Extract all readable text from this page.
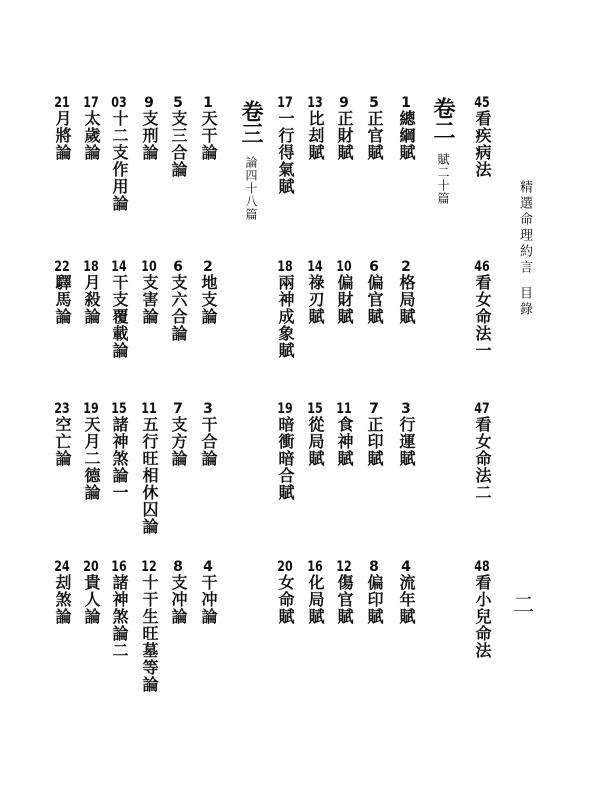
精選命理約言目錄
二
卷二賦二十篇
卷三論四十八篇
45看疾病法
46看女命法一
47看女命法二
48看小兒命法
1總綱賦
2格局賦
3行運賦
4流年賦
5正官賦
6偏官賦
7正印賦
8偏印賦
9正財賦
10偏財賦
11食神賦
12傷官賦
13比刦賦
14祿刃賦
15從局賦
16化局賦
17一行得氣賦
18兩神成象賦
19暗衝暗合賦
20女命賦
1天干論
2地支論
3干合論
4干冲論
5支三合論
6支六合論
7支方論
8支冲論
9支刑論
10支害論
11五行旺相休囚論
12十干生旺墓等論
03十二支作用論
14干支覆載論
15諸神煞論一
16諸神煞論二
17太歲論
18月殺論
19天月二德論
20貴人論
21月將論
22驛馬論
23空亡論
24刦煞論
